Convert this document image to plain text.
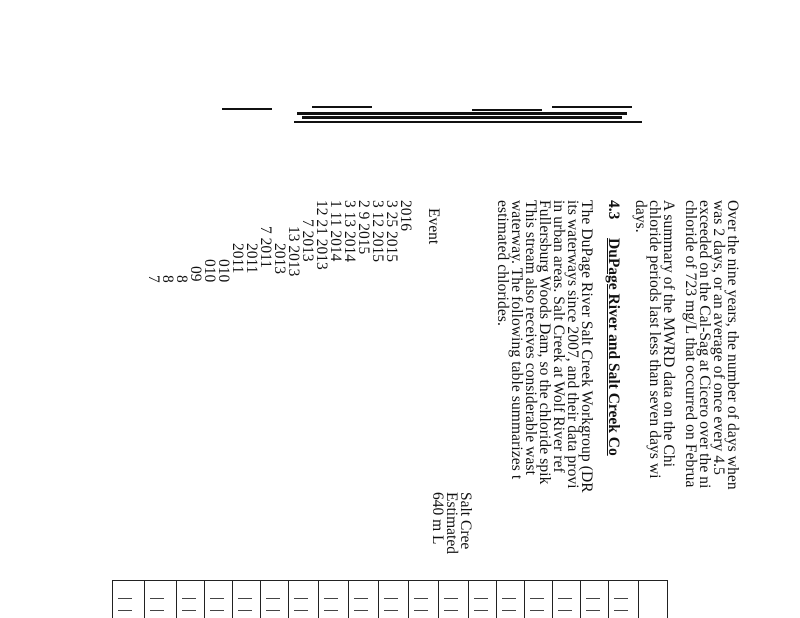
Over the nine years, the number of days when
was 2 days, or an average of once every 4.5
exceeded on the Cal-Sag at Cicero over the ni
chloride of 723 mg/L that occurred on Februa
A summary of the MWRD data on the Chi
chloride periods last less than seven days wi
days.
4.3DuPage River and Salt Creek Co
The DuPage River Salt Creek Workgroup (DR
its waterways since 2007, and their data provi
in urban areas. Salt Creek at Wolf River ref
Fullersburg Woods Dam, so the chloride spik
This stream also receives considerable wast
waterway. The following table summarizes t
estimated chlorides.
Salt Cree
Estimated
640 m L
Event
2016
3 25 2015
3 12 2015
2 9 2015
3 13 2014
1 11 2014
12 21 2013
7 2013
13 2013
2013
7 2011
2011
2011
010
010
09
8
8
7
